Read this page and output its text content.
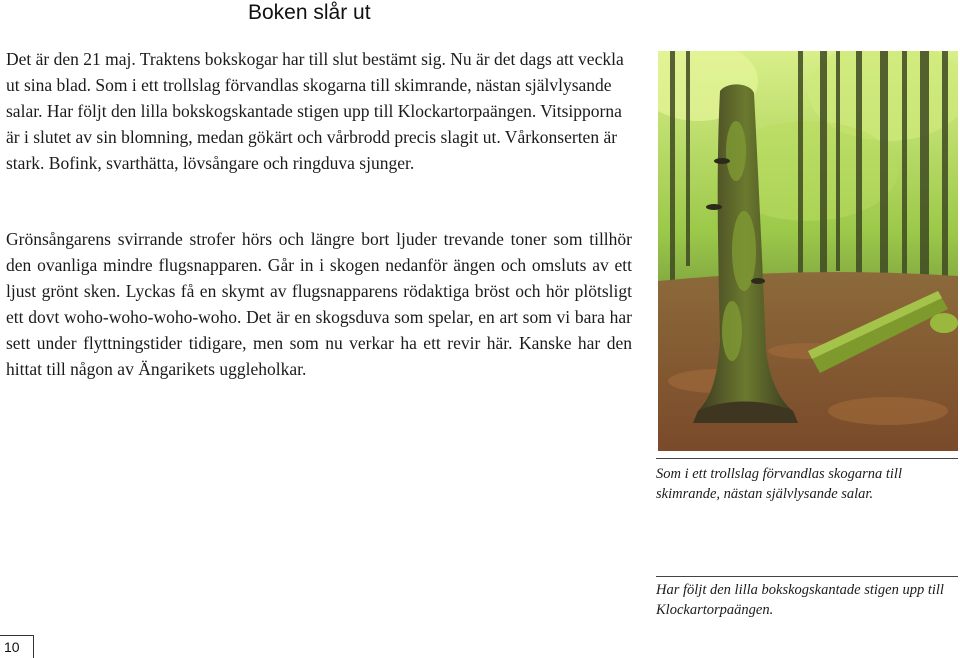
Boken slår ut

Det är den 21 maj. Traktens bokskogar har till slut bestämt sig. Nu är det dags att veckla ut sina blad. Som i ett trollslag förvandlas skogarna till skimrande, nästan självlysande salar. Har följt den lilla bokskogskantade stigen upp till Klockartorpaängen. Vitsipporna är i slutet av sin blomning, medan gökärt och vårbrodd precis slagit ut. Vårkonserten är stark. Bofink, svarthätta, lövsångare och ringduva sjunger.

Grönsångarens svirrande strofer hörs och längre bort ljuder trevande toner som tillhör den ovanliga mindre flugsnapparen. Går in i skogen nedanför ängen och omsluts av ett ljust grönt sken. Lyckas få en skymt av flugsnapparens rödaktiga bröst och hör plötsligt ett dovt woho-woho-woho-woho. Det är en skogsduva som spelar, en art som vi bara har sett under flyttningstider tidigare, men som nu verkar ha ett revir här. Kanske har den hittat till någon av Ängarikets uggleholkar.

Som i ett trollslag förvandlas skogarna till skimrande, nästan självlysande salar.

Har följt den lilla bokskogskantade stigen upp till Klockartorpaängen.

10
